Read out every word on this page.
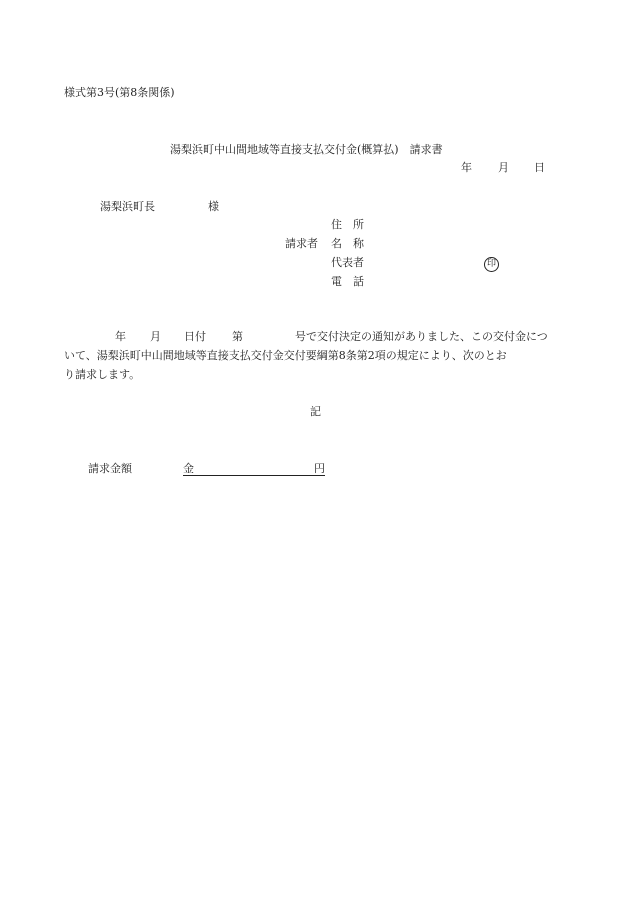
様式第3号(第8条関係)
湯梨浜町中山間地域等直接支払交付金(概算払)　請求書
年 月 日
湯梨浜町長	様
住　所
請求者 名　称
代表者	印
電　話
年 月 日付 第	号で交付決定の通知がありました、この交付金につ
いて、湯梨浜町中山間地域等直接支払交付金交付要綱第8条第2項の規定により、次のとお
り請求します。
記
請求金額	金	円
